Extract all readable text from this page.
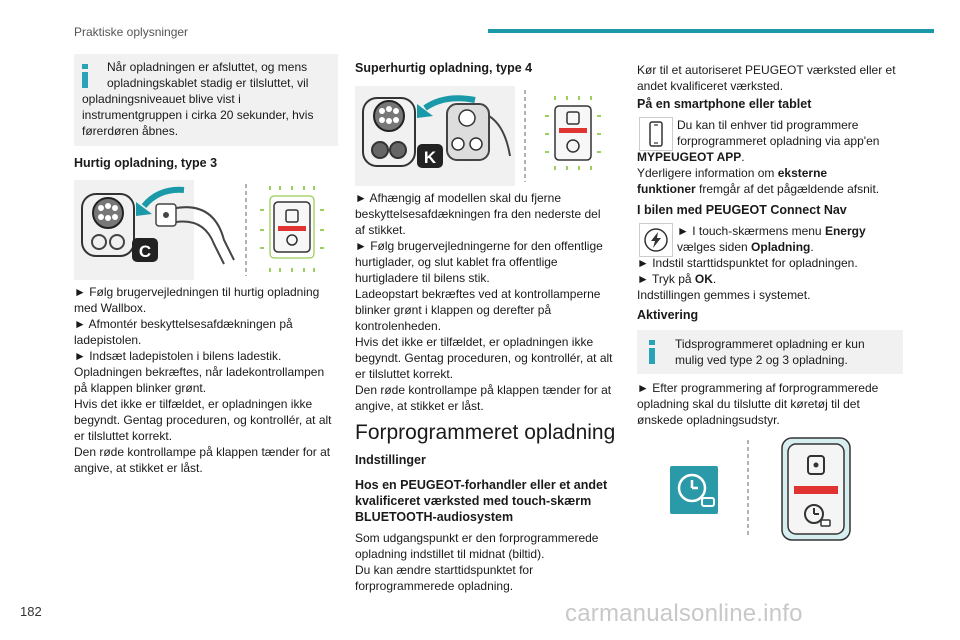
Praktiske oplysninger

Når opladningen er afsluttet, og mens

opladningskablet stadig er tilsluttet, vil

opladningsniveauet blive vist i

instrumentgruppen i cirka 20 sekunder, hvis

førerdøren åbnes.

Hurtig opladning, type 3
C

► Følg brugervejledningen til hurtig opladning

med Wallbox.

► Afmontér beskyttelsesafdækningen på

ladepistolen.

► Indsæt ladepistolen i bilens ladestik.

Opladningen bekræftes, når ladekontrollampen

på klappen blinker grønt.

Hvis det ikke er tilfældet, er opladningen ikke

begyndt. Gentag proceduren, og kontrollér, at alt

er tilsluttet korrekt.

Den røde kontrollampe på klappen tænder for at

angive, at stikket er låst.

Superhurtig opladning, type 4
K

► Afhængig af modellen skal du fjerne

beskyttelsesafdækningen fra den nederste del

af stikket.

► Følg brugervejledningerne for den offentlige

hurtiglader, og slut kablet fra offentlige

hurtigladere til bilens stik.

Ladeopstart bekræftes ved at kontrollamperne

blinker grønt i klappen og derefter på

kontrolenheden.

Hvis det ikke er tilfældet, er opladningen ikke

begyndt. Gentag proceduren, og kontrollér, at alt

er tilsluttet korrekt.

Den røde kontrollampe på klappen tænder for at

angive, at stikket er låst.

Forprogrammeret opladning
Indstillinger

Hos en PEUGEOT-forhandler eller et andet

kvalificeret værksted med touch-skærm

BLUETOOTH-audiosystem

Som udgangspunkt er den forprogrammerede

opladning indstillet til midnat (biltid).

Du kan ændre starttidspunktet for

forprogrammerede opladning.

Kør til et autoriseret PEUGEOT værksted eller et

andet kvalificeret værksted.

På en smartphone eller tablet

Du kan til enhver tid programmere

forprogrammeret opladning via app'en

MYPEUGEOT APP.

Yderligere information om eksterne

funktioner fremgår af det pågældende afsnit.

I bilen med PEUGEOT Connect Nav

► I touch-skærmens menu Energy

vælges siden Opladning.

► Indstil starttidspunktet for opladningen.

► Tryk på OK.

Indstillingen gemmes i systemet.

Aktivering

Tidsprogrammeret opladning er kun

mulig ved type 2 og 3 opladning.

► Efter programmering af forprogrammerede

opladning skal du tilslutte dit køretøj til det

ønskede opladningsudstyr.

182	carmanualsonline.info
